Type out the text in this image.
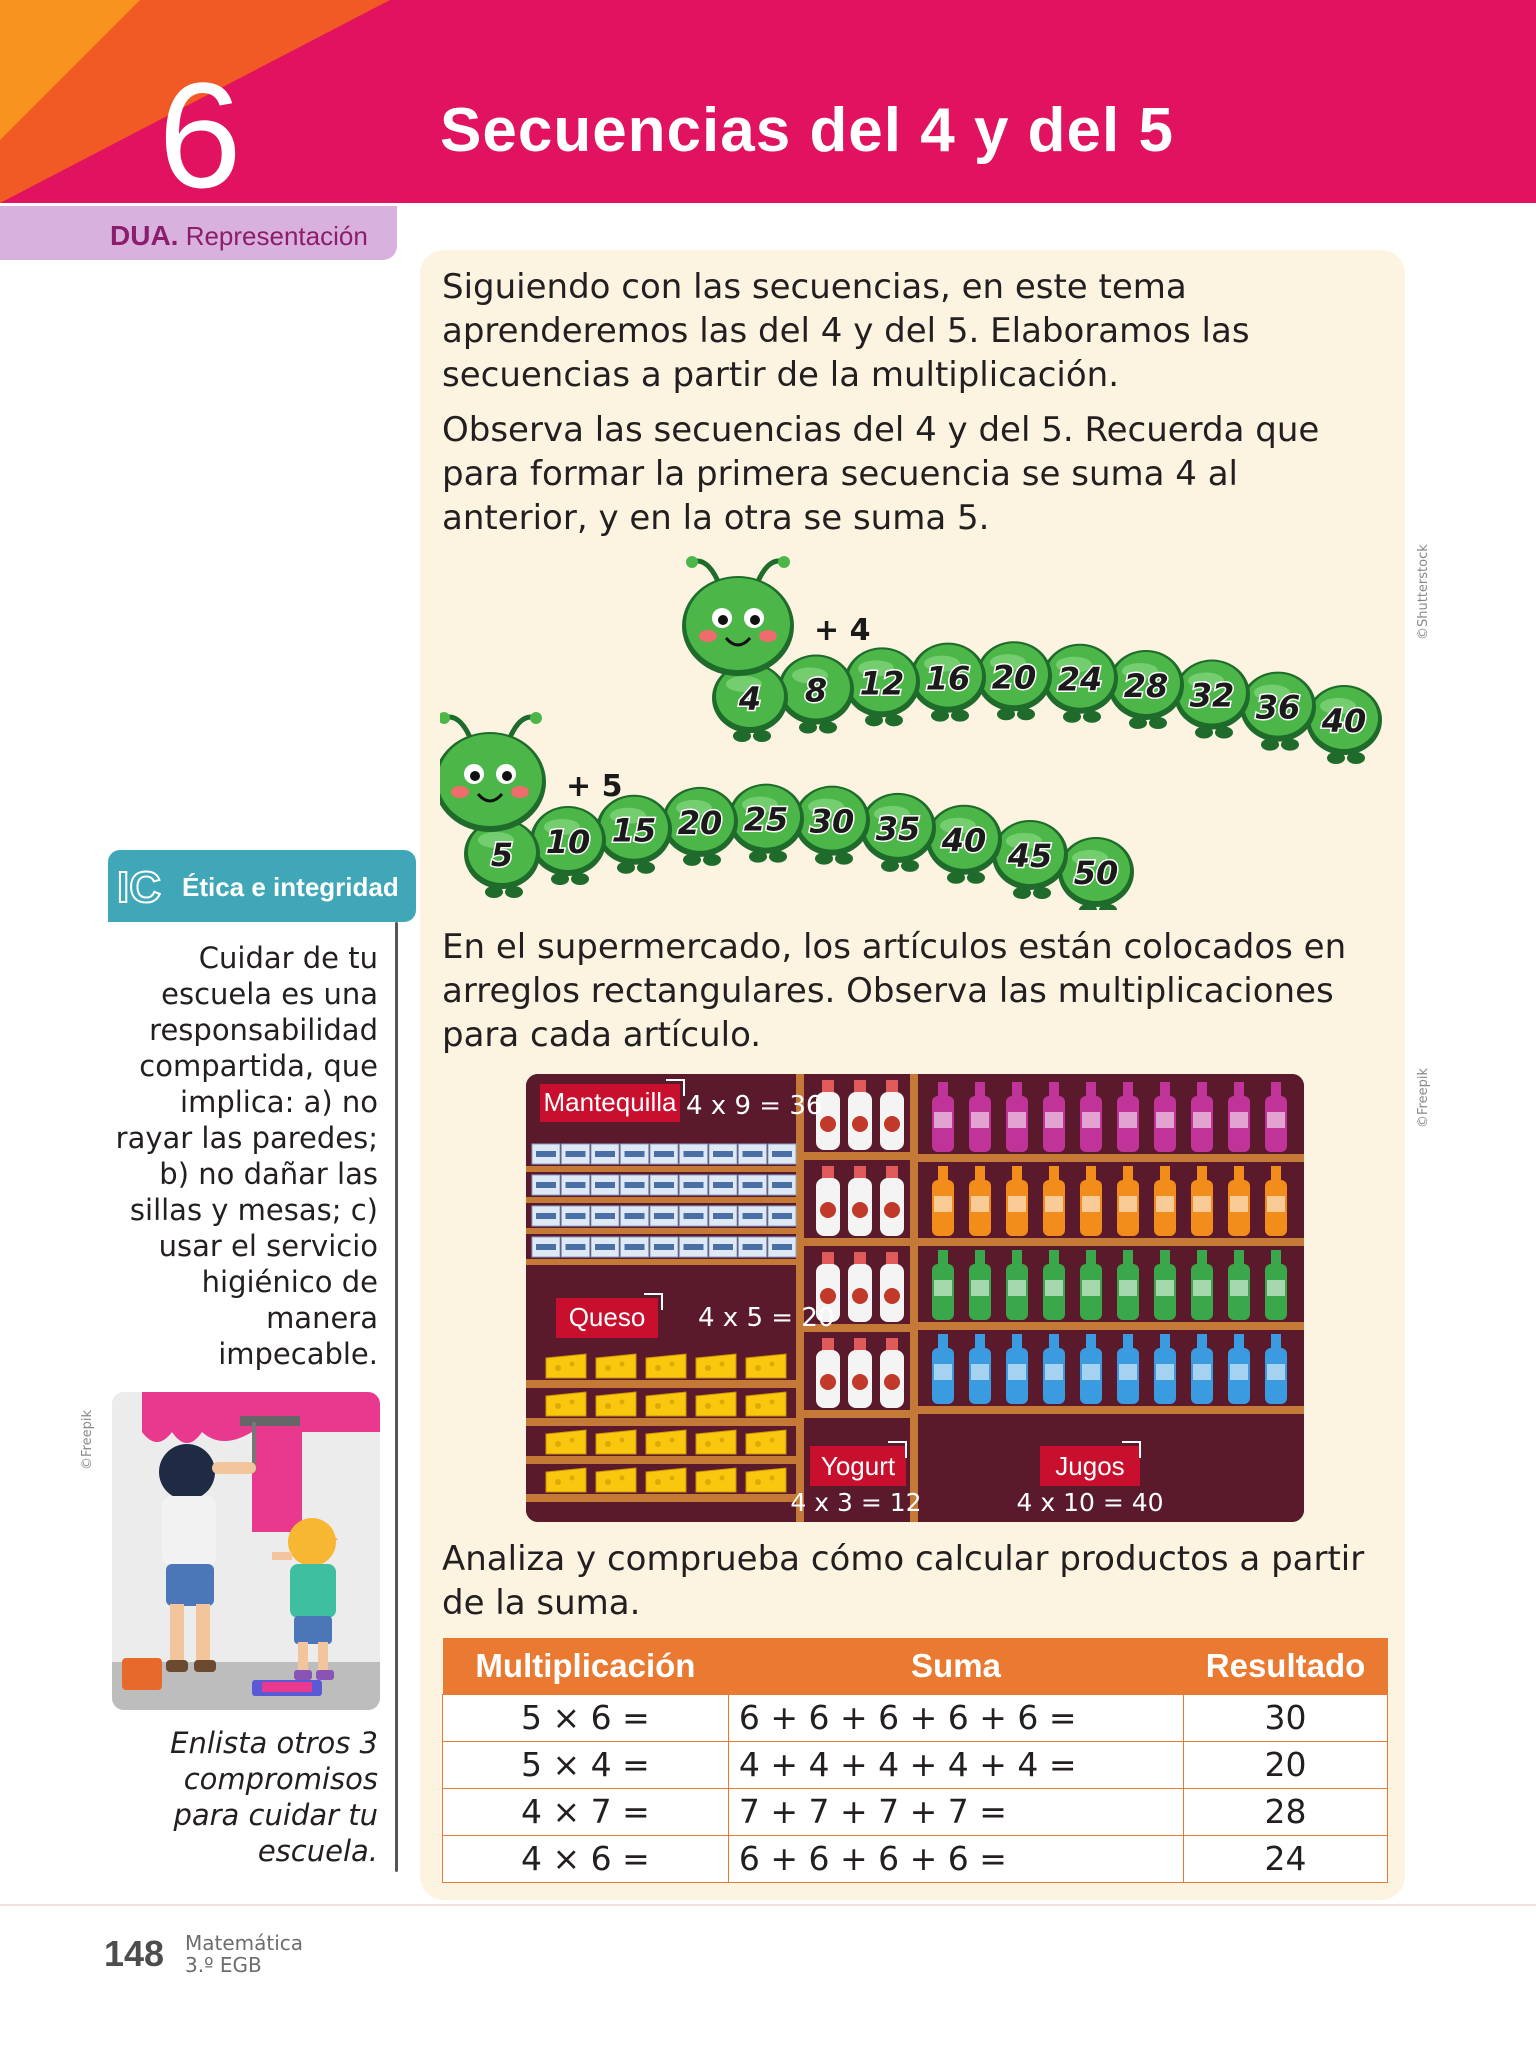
6	Secuencias del 4 y del 5
DUA. Representación

Siguiendo con las secuencias, en este tema aprenderemos las del 4 y del 5. Elaboramos las secuencias a partir de la multiplicación.

Observa las secuencias del 4 y del 5. Recuerda que para formar la primera secuencia se suma 4 al anterior, y en la otra se suma 5.

©Shutterstock
40
36
32
28
24
20
16
12
8
4
+ 4
50
45
40
35
30
25
20
15
10
5
+ 5

En el supermercado, los artículos están colocados en arreglos rectangulares. Observa las multiplicaciones para cada artículo.

©Freepik
Mantequilla 4 x 9 = 36
Queso 4 x 5 = 20
Yogurt
4 x 3 = 12
Jugos
4 x 10 = 40

Analiza y comprueba cómo calcular productos a partir de la suma.

Multiplicación	Suma	Resultado
5 × 6 =	6 + 6 + 6 + 6 + 6 =	30
5 × 4 =	4 + 4 + 4 + 4 + 4 =	20
4 × 7 =	7 + 7 + 7 + 7 =	28
4 × 6 =	6 + 6 + 6 + 6 =	24
IC Ética e integridad

Cuidar de tu escuela es una responsabilidad compartida, que implica: a) no rayar las paredes; b) no dañar las sillas y mesas; c) usar el servicio higiénico de manera impecable.

©Freepik

Enlista otros 3 compromisos para cuidar tu escuela.

148 Matemática
3.º EGB
